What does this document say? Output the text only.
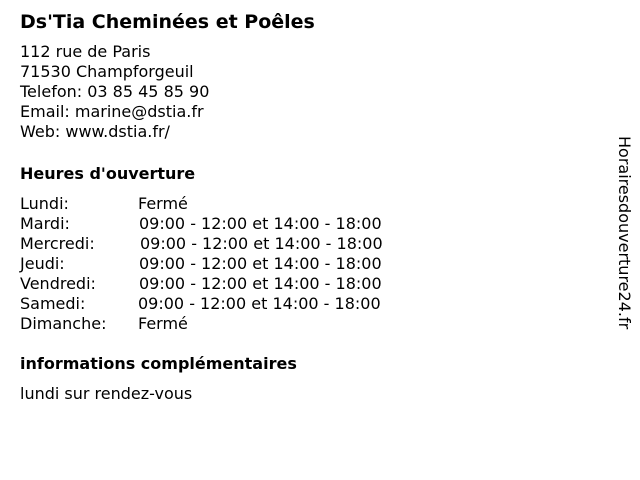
Ds'Tia Cheminées et Poêles
112 rue de Paris
71530 Champforgeuil
Telefon: 03 85 45 85 90
Email: marine@dstia.fr
Web: www.dstia.fr/
Heures d'ouverture
Lundi:	Fermé
Mardi:	09:00 - 12:00 et 14:00 - 18:00
Mercredi:	09:00 - 12:00 et 14:00 - 18:00
Jeudi:	09:00 - 12:00 et 14:00 - 18:00
Vendredi:	09:00 - 12:00 et 14:00 - 18:00
Samedi:	09:00 - 12:00 et 14:00 - 18:00
Dimanche: Fermé
informations complémentaires
lundi sur rendez-vous
Horairesdouverture24.fr
